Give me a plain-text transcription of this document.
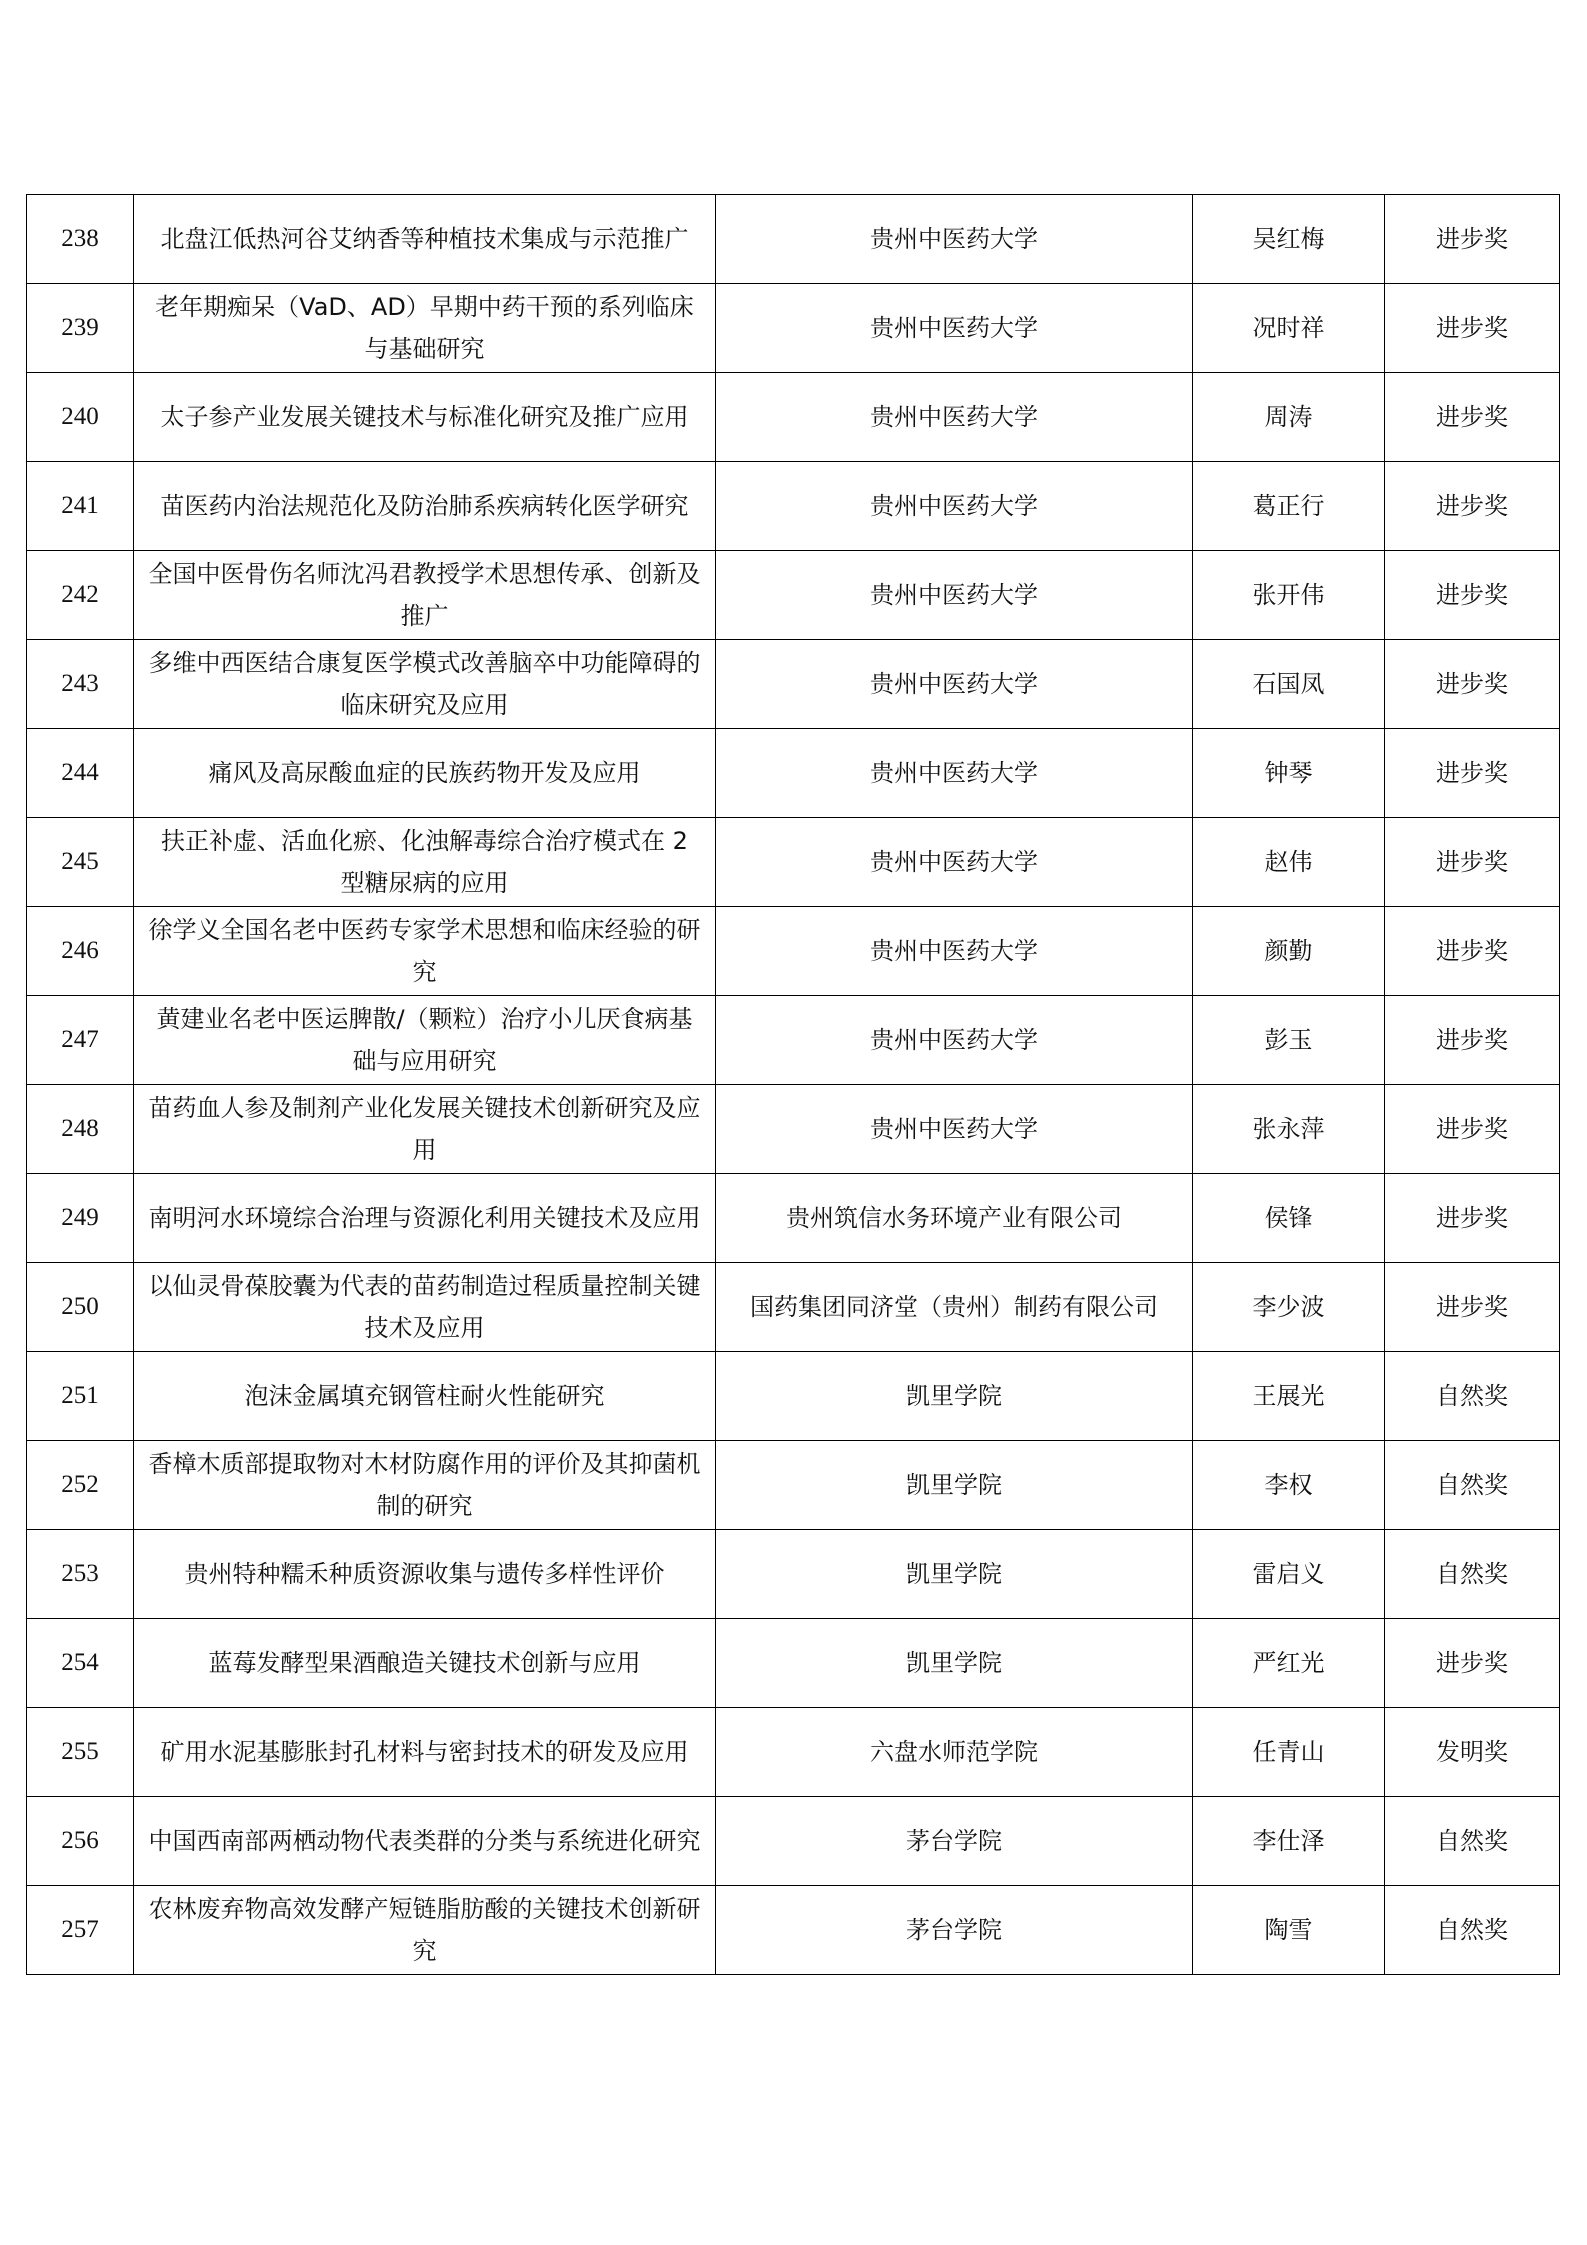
238	北盘江低热河谷艾纳香等种植技术集成与示范推广	贵州中医药大学	吴红梅	进步奖
239	老年期痴呆（VaD、AD）早期中药干预的系列临床与基础研究	贵州中医药大学	况时祥	进步奖
240	太子参产业发展关键技术与标准化研究及推广应用	贵州中医药大学	周涛	进步奖
241	苗医药内治法规范化及防治肺系疾病转化医学研究	贵州中医药大学	葛正行	进步奖
242	全国中医骨伤名师沈冯君教授学术思想传承、创新及推广	贵州中医药大学	张开伟	进步奖
243	多维中西医结合康复医学模式改善脑卒中功能障碍的临床研究及应用	贵州中医药大学	石国凤	进步奖
244	痛风及高尿酸血症的民族药物开发及应用	贵州中医药大学	钟琴	进步奖
245	扶正补虚、活血化瘀、化浊解毒综合治疗模式在 2 型糖尿病的应用	贵州中医药大学	赵伟	进步奖
246	徐学义全国名老中医药专家学术思想和临床经验的研究	贵州中医药大学	颜勤	进步奖
247	黄建业名老中医运脾散/（颗粒）治疗小儿厌食病基础与应用研究	贵州中医药大学	彭玉	进步奖
248	苗药血人参及制剂产业化发展关键技术创新研究及应用	贵州中医药大学	张永萍	进步奖
249	南明河水环境综合治理与资源化利用关键技术及应用	贵州筑信水务环境产业有限公司	侯锋	进步奖
250	以仙灵骨葆胶囊为代表的苗药制造过程质量控制关键技术及应用	国药集团同济堂（贵州）制药有限公司	李少波	进步奖
251	泡沫金属填充钢管柱耐火性能研究	凯里学院	王展光	自然奖
252	香樟木质部提取物对木材防腐作用的评价及其抑菌机制的研究	凯里学院	李权	自然奖
253	贵州特种糯禾种质资源收集与遗传多样性评价	凯里学院	雷启义	自然奖
254	蓝莓发酵型果酒酿造关键技术创新与应用	凯里学院	严红光	进步奖
255	矿用水泥基膨胀封孔材料与密封技术的研发及应用	六盘水师范学院	任青山	发明奖
256	中国西南部两栖动物代表类群的分类与系统进化研究	茅台学院	李仕泽	自然奖
257	农林废弃物高效发酵产短链脂肪酸的关键技术创新研究	茅台学院	陶雪	自然奖
